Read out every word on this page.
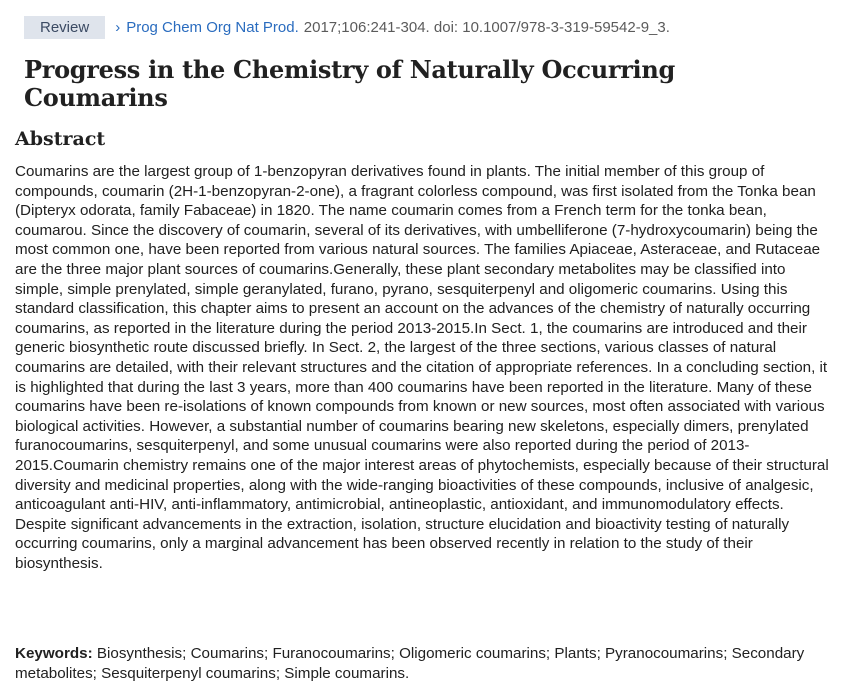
Review	› Prog Chem Org Nat Prod. 2017;106:241-304. doi: 10.1007/978-3-319-59542-9_3.
Progress in the Chemistry of Naturally Occurring Coumarins
Abstract

Coumarins are the largest group of 1-benzopyran derivatives found in plants. The initial member of this group of compounds, coumarin (2H-1-benzopyran-2-one), a fragrant colorless compound, was first isolated from the Tonka bean (Dipteryx odorata, family Fabaceae) in 1820. The name coumarin comes from a French term for the tonka bean, coumarou. Since the discovery of coumarin, several of its derivatives, with umbelliferone (7-hydroxycoumarin) being the most common one, have been reported from various natural sources. The families Apiaceae, Asteraceae, and Rutaceae are the three major plant sources of coumarins.Generally, these plant secondary metabolites may be classified into simple, simple prenylated, simple geranylated, furano, pyrano, sesquiterpenyl and oligomeric coumarins. Using this standard classification, this chapter aims to present an account on the advances of the chemistry of naturally occurring coumarins, as reported in the literature during the period 2013-2015.In Sect. 1, the coumarins are introduced and their generic biosynthetic route discussed briefly. In Sect. 2, the largest of the three sections, various classes of natural coumarins are detailed, with their relevant structures and the citation of appropriate references. In a concluding section, it is highlighted that during the last 3 years, more than 400 coumarins have been reported in the literature. Many of these coumarins have been re-isolations of known compounds from known or new sources, most often associated with various biological activities. However, a substantial number of coumarins bearing new skeletons, especially dimers, prenylated furanocoumarins, sesquiterpenyl, and some unusual coumarins were also reported during the period of 2013-2015.Coumarin chemistry remains one of the major interest areas of phytochemists, especially because of their structural diversity and medicinal properties, along with the wide-ranging bioactivities of these compounds, inclusive of analgesic, anticoagulant anti-HIV, anti-inflammatory, antimicrobial, antineoplastic, antioxidant, and immunomodulatory effects. Despite significant advancements in the extraction, isolation, structure elucidation and bioactivity testing of naturally occurring coumarins, only a marginal advancement has been observed recently in relation to the study of their biosynthesis.

Keywords: Biosynthesis; Coumarins; Furanocoumarins; Oligomeric coumarins; Plants; Pyranocoumarins; Secondary metabolites; Sesquiterpenyl coumarins; Simple coumarins.
